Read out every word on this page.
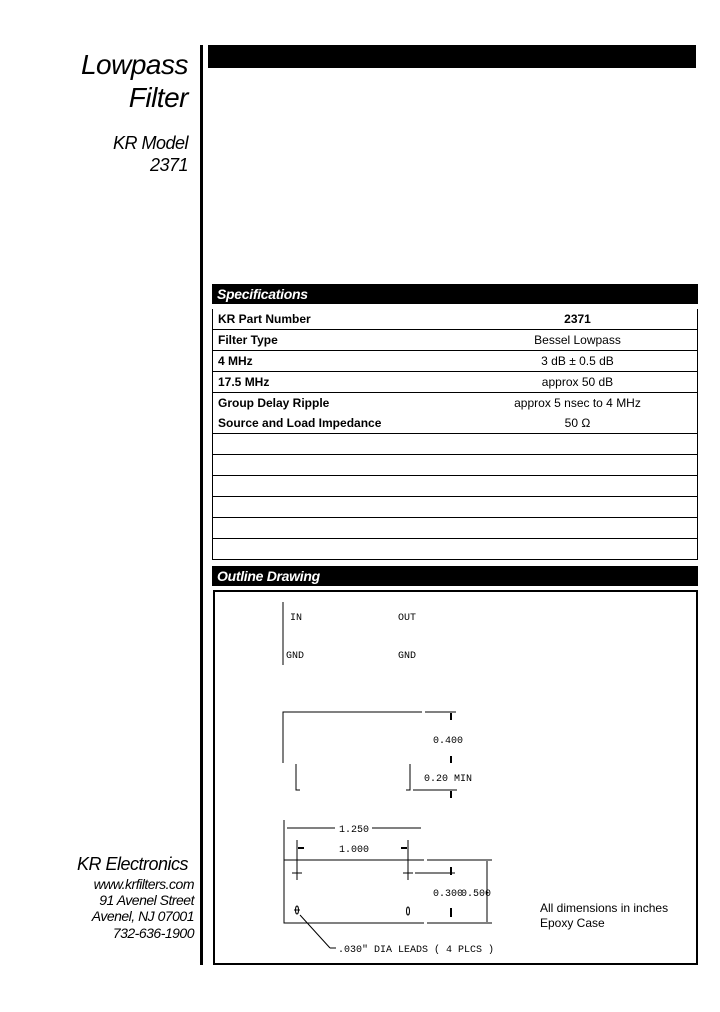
Lowpass
Filter
KR Model
2371
KR Electronics
www.krfilters.com
91 Avenel Street
Avenel, NJ 07001
732-636-1900
Specifications
KR Part Number	2371
Filter Type	Bessel Lowpass
4 MHz	3 dB ± 0.5 dB
17.5 MHz	approx 50 dB
Group Delay Ripple	approx 5 nsec to 4 MHz
Source and Load Impedance	50 Ω

Outline Drawing
IN	OUT
GND	GND
0.400
0.20 MIN
1.250
1.000
0.300
0.500
.030" DIA LEADS ( 4 PLCS )
All dimensions in inches
Epoxy Case
